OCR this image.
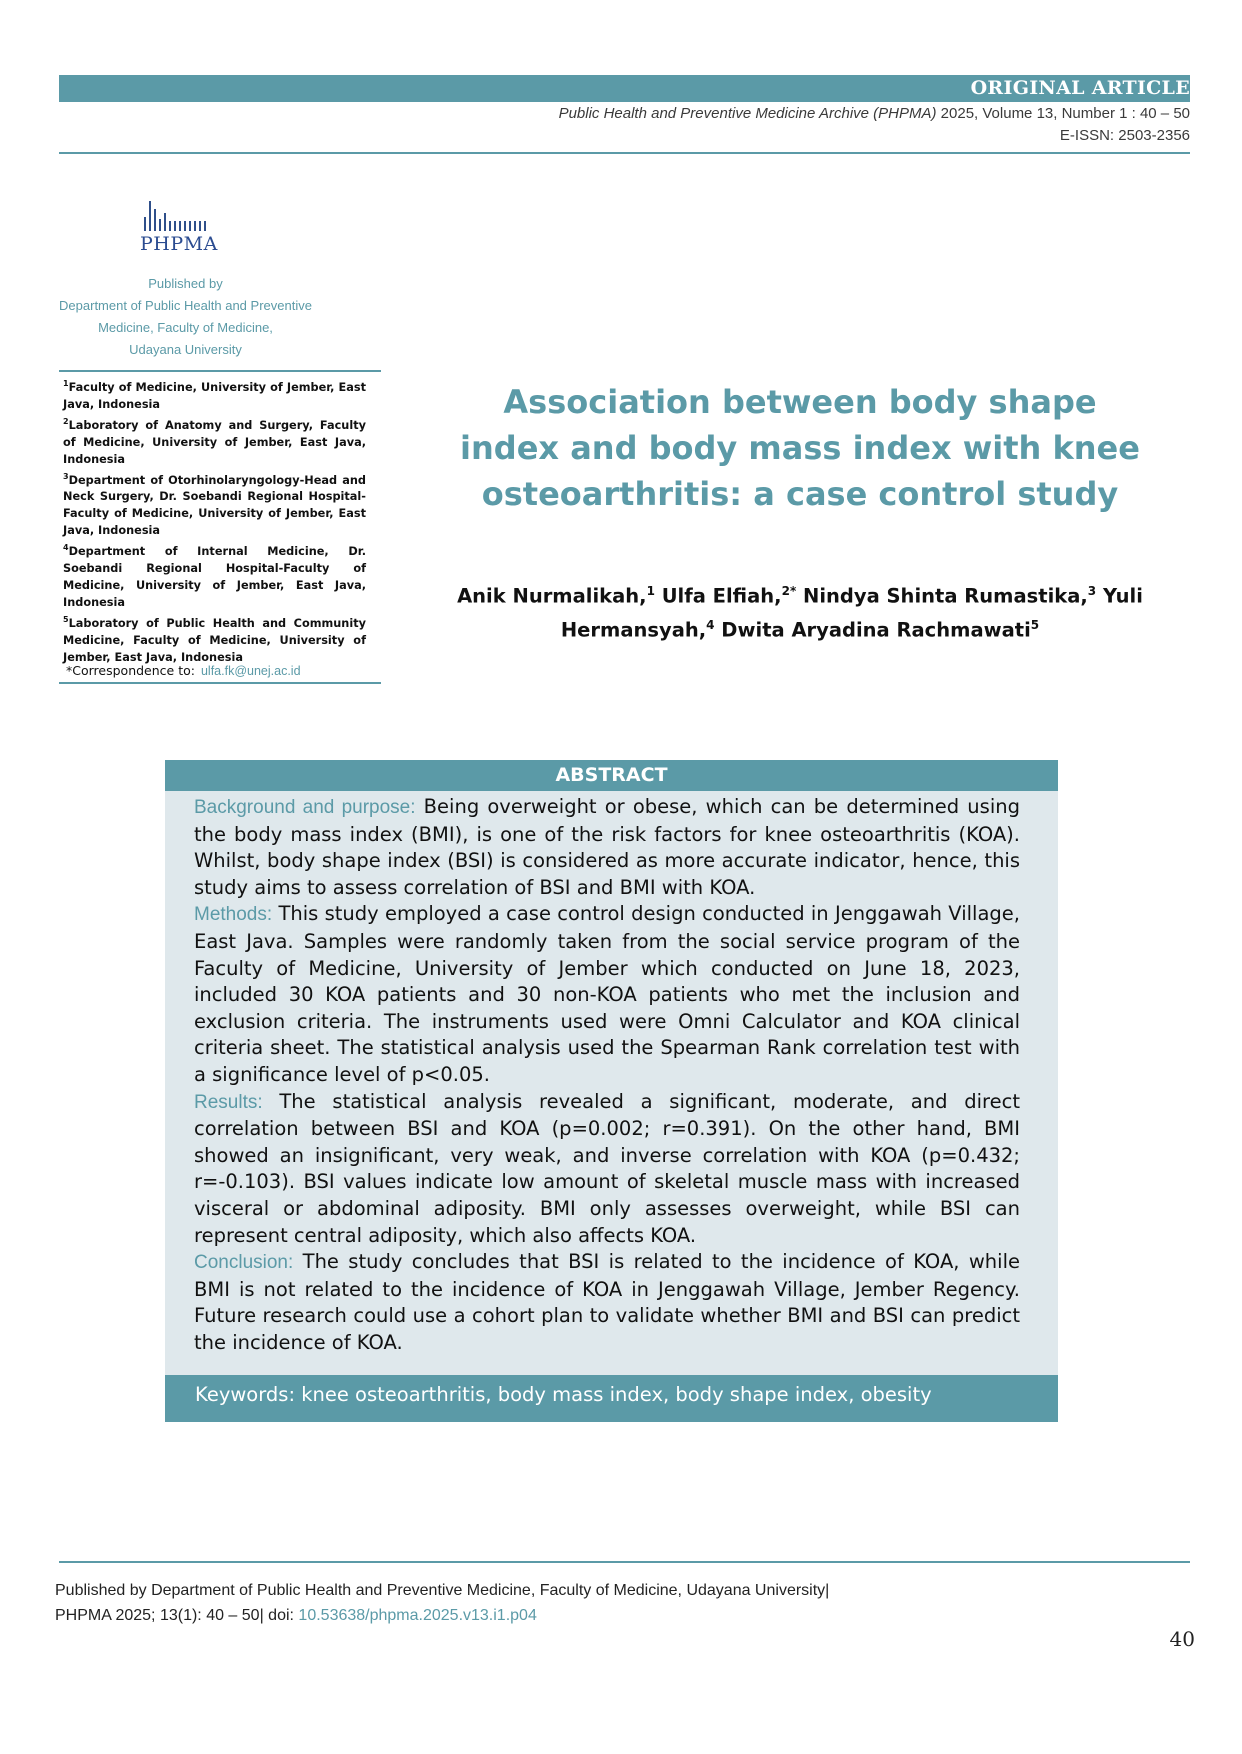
ORIGINAL ARTICLE
Public Health and Preventive Medicine Archive (PHPMA) 2025, Volume 13, Number 1 : 40 – 50
E-ISSN: 2503-2356
PHPMA
Published by
Department of Public Health and Preventive
Medicine, Faculty of Medicine,
Udayana University

$^1$Faculty of Medicine, University of Jember, East Java, Indonesia

$^2$Laboratory of Anatomy and Surgery, Faculty of Medicine, University of Jember, East Java, Indonesia

$^3$Department of Otorhinolaryngology-Head and Neck Surgery, Dr. Soebandi Regional Hospital-Faculty of Medicine, University of Jember, East Java, Indonesia

$^4$Department of Internal Medicine, Dr. Soebandi Regional Hospital-Faculty of Medicine, University of Jember, East Java, Indonesia

$^5$Laboratory of Public Health and Community Medicine, Faculty of Medicine, University of Jember, East Java, Indonesia

*Correspondence to: ulfa.fk@unej.ac.id
Association between body shape index and body mass index with knee osteoarthritis: a case control study
Anik Nurmalikah,$^1$ Ulfa Elfiah,$^{2*}$ Nindya Shinta Rumastika,$^3$ Yuli Hermansyah,$^4$ Dwita Aryadina Rachmawati$^5$
ABSTRACT

Background and purpose: Being overweight or obese, which can be determined using the body mass index (BMI), is one of the risk factors for knee osteoarthritis (KOA). Whilst, body shape index (BSI) is considered as more accurate indicator, hence, this study aims to assess correlation of BSI and BMI with KOA.

Methods: This study employed a case control design conducted in Jenggawah Village, East Java. Samples were randomly taken from the social service program of the Faculty of Medicine, University of Jember which conducted on June 18, 2023, included 30 KOA patients and 30 non-KOA patients who met the inclusion and exclusion criteria. The instruments used were Omni Calculator and KOA clinical criteria sheet. The statistical analysis used the Spearman Rank correlation test with a significance level of p<0.05.

Results: The statistical analysis revealed a significant, moderate, and direct correlation between BSI and KOA (p=0.002; r=0.391). On the other hand, BMI showed an insignificant, very weak, and inverse correlation with KOA (p=0.432; r=-0.103). BSI values indicate low amount of skeletal muscle mass with increased visceral or abdominal adiposity. BMI only assesses overweight, while BSI can represent central adiposity, which also affects KOA.

Conclusion: The study concludes that BSI is related to the incidence of KOA, while BMI is not related to the incidence of KOA in Jenggawah Village, Jember Regency. Future research could use a cohort plan to validate whether BMI and BSI can predict the incidence of KOA.

Keywords: knee osteoarthritis, body mass index, body shape index, obesity
Published by Department of Public Health and Preventive Medicine, Faculty of Medicine, Udayana University|
PHPMA 2025; 13(1): 40 – 50| doi: 10.53638/phpma.2025.v13.i1.p04
40
